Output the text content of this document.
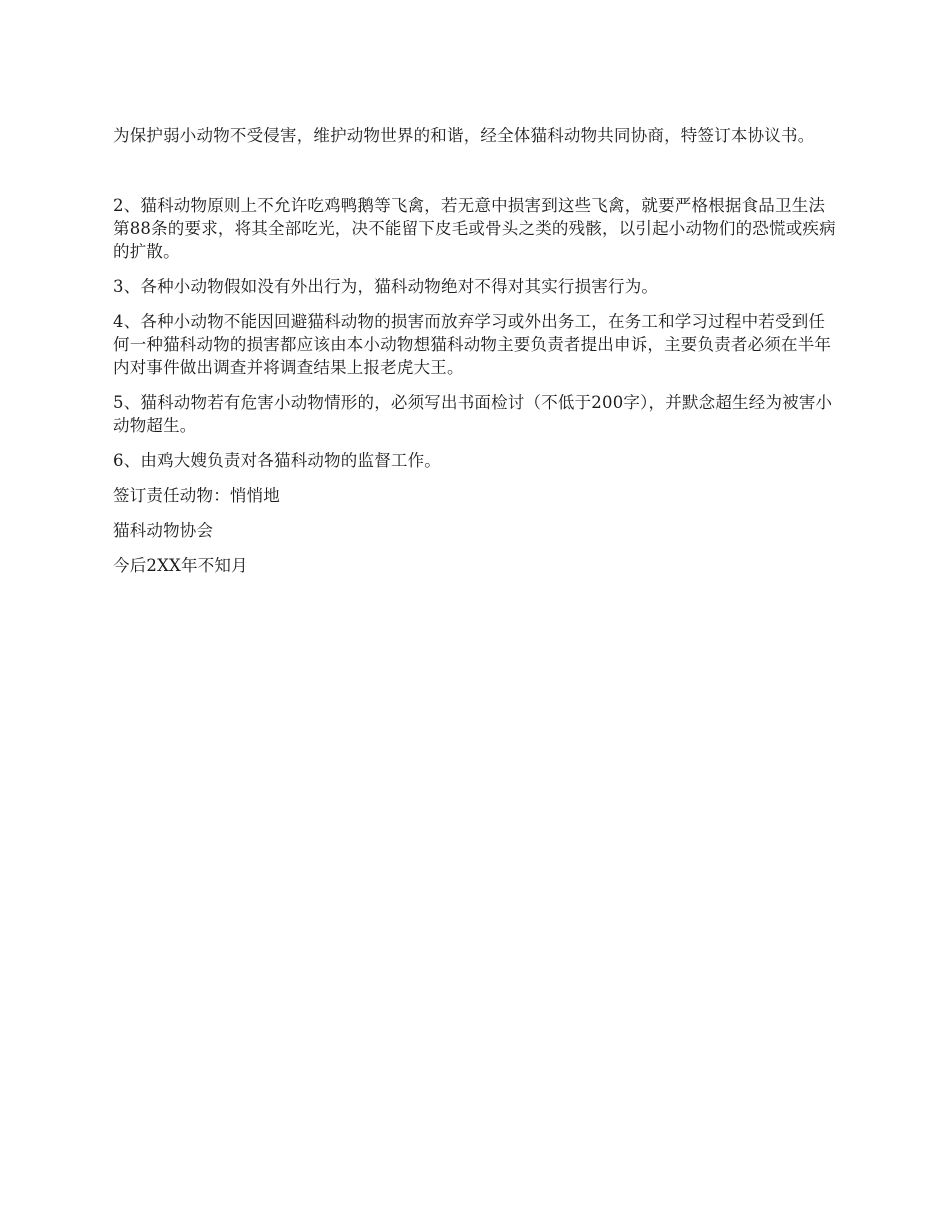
为保护弱小动物不受侵害，维护动物世界的和谐，经全体猫科动物共同协商，特签订本协议书。

2、猫科动物原则上不允许吃鸡鸭鹅等飞禽，若无意中损害到这些飞禽，就要严格根据食品卫生法第88条的要求，将其全部吃光，决不能留下皮毛或骨头之类的残骸，以引起小动物们的恐慌或疾病的扩散。

3、各种小动物假如没有外出行为，猫科动物绝对不得对其实行损害行为。

4、各种小动物不能因回避猫科动物的损害而放弃学习或外出务工，在务工和学习过程中若受到任何一种猫科动物的损害都应该由本小动物想猫科动物主要负责者提出申诉，主要负责者必须在半年内对事件做出调查并将调查结果上报老虎大王。

5、猫科动物若有危害小动物情形的，必须写出书面检讨（不低于200字），并默念超生经为被害小动物超生。

6、由鸡大嫂负责对各猫科动物的监督工作。

签订责任动物：悄悄地

猫科动物协会

今后2XX年不知月
